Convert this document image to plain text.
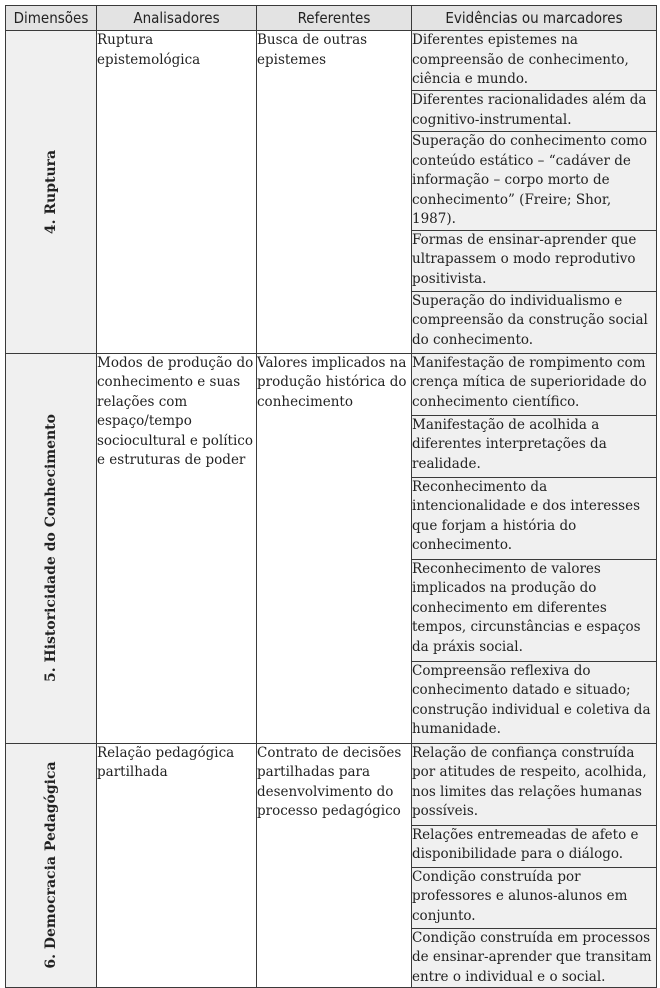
Dimensões	Analisadores	Referentes	Evidências ou marcadores

4. Ruptura	Ruptura epistemológica	Busca de outras epistemes	Diferentes epistemes na compreensão de conhecimento, ciência e mundo.
			Diferentes racionalidades além da cognitivo-instrumental.
			Superação do conhecimento como conteúdo estático – “cadáver de informação – corpo morto de conhecimento” (Freire; Shor, 1987).
			Formas de ensinar-aprender que ultrapassem o modo reprodutivo positivista.
			Superação do individualismo e compreensão da construção social do conhecimento.

5. Historicidade do Conhecimento	Modos de produção do conhecimento e suas relações com espaço/tempo sociocultural e político e estruturas de poder	Valores implicados na produção histórica do conhecimento	Manifestação de rompimento com crença mítica de superioridade do conhecimento científico.
			Manifestação de acolhida a diferentes interpretações da realidade.
			Reconhecimento da intencionalidade e dos interesses que forjam a história do conhecimento.
			Reconhecimento de valores implicados na produção do conhecimento em diferentes tempos, circunstâncias e espaços da práxis social.
			Compreensão reflexiva do conhecimento datado e situado; construção individual e coletiva da humanidade.

6. Democracia Pedagógica	Relação pedagógica partilhada	Contrato de decisões partilhadas para desenvolvimento do processo pedagógico	Relação de confiança construída por atitudes de respeito, acolhida, nos limites das relações humanas possíveis.
			Relações entremeadas de afeto e disponibilidade para o diálogo.
			Condição construída por professores e alunos-alunos em conjunto.
			Condição construída em processos de ensinar-aprender que transitam entre o individual e o social.
